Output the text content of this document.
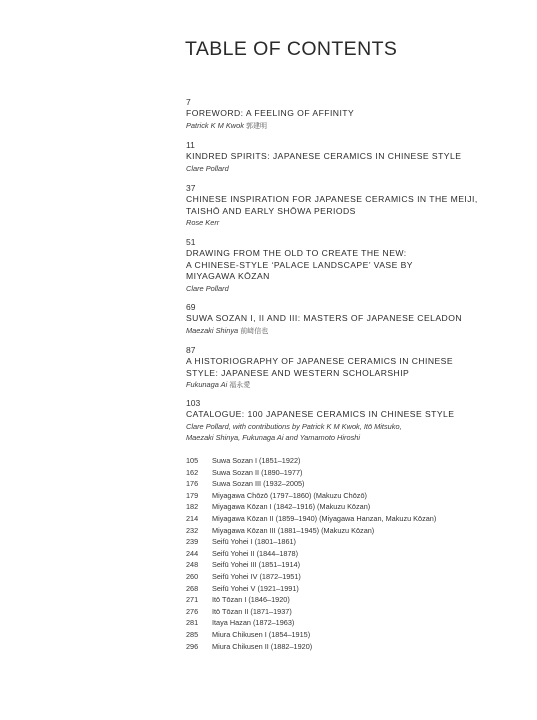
TABLE OF CONTENTS
7
FOREWORD: A FEELING OF AFFINITY
Patrick K M Kwok 郭建明
11
KINDRED SPIRITS: JAPANESE CERAMICS IN CHINESE STYLE
Clare Pollard
37
CHINESE INSPIRATION FOR JAPANESE CERAMICS IN THE MEIJI,
TAISHŌ AND EARLY SHŌWA PERIODS
Rose Kerr
51
DRAWING FROM THE OLD TO CREATE THE NEW:
A CHINESE-STYLE ‘PALACE LANDSCAPE’ VASE BY
MIYAGAWA KŌZAN
Clare Pollard
69
SUWA SOZAN I, II AND III: MASTERS OF JAPANESE CELADON
Maezaki Shinya 前﨑信也
87
A HISTORIOGRAPHY OF JAPANESE CERAMICS IN CHINESE
STYLE: JAPANESE AND WESTERN SCHOLARSHIP
Fukunaga Ai 福永愛
103
CATALOGUE: 100 JAPANESE CERAMICS IN CHINESE STYLE
Clare Pollard, with contributions by Patrick K M Kwok, Itō Mitsuko,
Maezaki Shinya, Fukunaga Ai and Yamamoto Hiroshi
105	Suwa Sozan I (1851–1922)
162	Suwa Sozan II (1890–1977)
176	Suwa Sozan III (1932–2005)
179	Miyagawa Chōzō (1797–1860) (Makuzu Chōzō)
182	Miyagawa Kōzan I (1842–1916) (Makuzu Kōzan)
214	Miyagawa Kōzan II (1859–1940) (Miyagawa Hanzan, Makuzu Kōzan)
232	Miyagawa Kōzan III (1881–1945) (Makuzu Kōzan)
239	Seifū Yohei I (1801–1861)
244	Seifū Yohei II (1844–1878)
248	Seifū Yohei III (1851–1914)
260	Seifū Yohei IV (1872–1951)
268	Seifū Yohei V (1921–1991)
271	Itō Tōzan I (1846–1920)
276	Itō Tōzan II (1871–1937)
281	Itaya Hazan (1872–1963)
285	Miura Chikusen I (1854–1915)
296	Miura Chikusen II (1882–1920)
